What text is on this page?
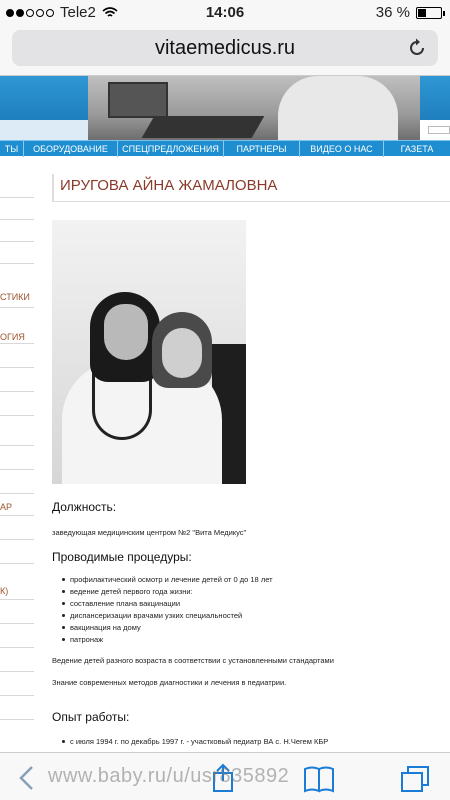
Tele2	14:06	36 %
vitaemedicus.ru
ТЫ	ОБОРУДОВАНИЕ	СПЕЦПРЕДЛОЖЕНИЯ	ПАРТНЕРЫ	ВИДЕО О НАС	ГАЗЕТА
СТИКИ
ОГИЯ
АР
К)
ИРУГОВА АЙНА ЖАМАЛОВНА
Должность:
заведующая медицинским центром №2 "Вита Медикус"
Проводимые процедуры:
профилактический осмотр и лечение детей от 0 до 18 лет
ведение детей первого года жизни:
составление плана вакцинации
диспансеризации врачами узких специальностей
вакцинация на дому
патронаж
Ведение детей разного возраста в соответствии с установленными стандартами
Знание современных методов диагностики и лечения в педиатрии.
Опыт работы:
с июля 1994 г. по декабрь 1997 г. - участковый педиатр ВА с. Н.Чегем КБР
www.baby.ru/u/usr835892
